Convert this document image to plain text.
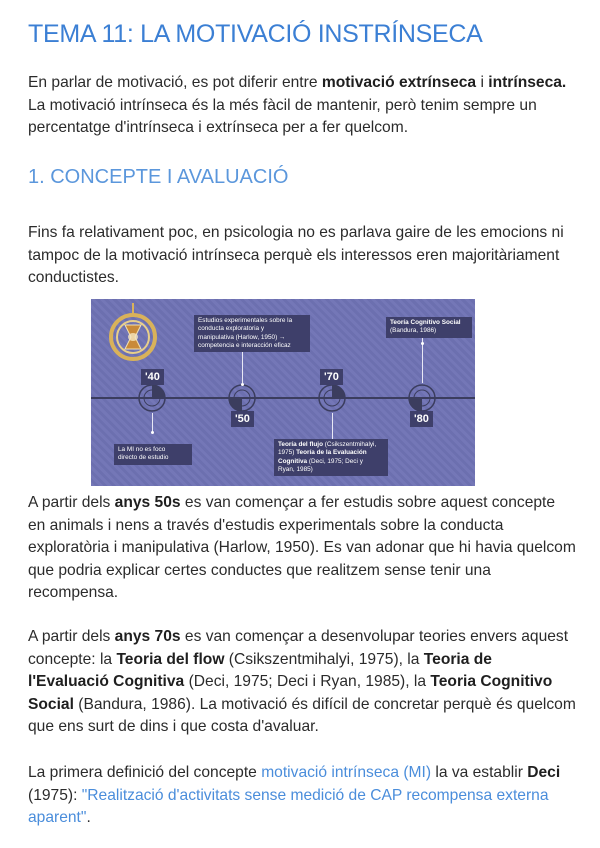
TEMA 11: LA MOTIVACIÓ INSTRÍNSECA

En parlar de motivació, es pot diferir entre motivació extrínseca i intrínseca. La motivació intrínseca és la més fàcil de mantenir, però tenim sempre un percentatge d'intrínseca i extrínseca per a fer quelcom.

1. CONCEPTE I AVALUACIÓ

Fins fa relativament poc, en psicologia no es parlava gaire de les emocions ni tampoc de la motivació intrínseca perquè els interessos eren majoritàriament conductistes.

'40
'50
'70
'80
Estudios experimentales sobre la
conducta exploratoria y
manipulativa (Harlow, 1950) →
competencia e interacción eficaz
Teoría Cognitivo Social
(Bandura, 1986)
La MI no es foco
directo de estudio
Teoría del flujo (Csikszentmihalyi,
1975) Teoría de la Evaluación
Cognitiva (Deci, 1975; Deci y
Ryan, 1985)

A partir dels anys 50s es van començar a fer estudis sobre aquest concepte en animals i nens a través d'estudis experimentals sobre la conducta exploratòria i manipulativa (Harlow, 1950). Es van adonar que hi havia quelcom que podria explicar certes conductes que realitzem sense tenir una recompensa.

A partir dels anys 70s es van començar a desenvolupar teories envers aquest concepte: la Teoria del flow (Csikszentmihalyi, 1975), la Teoria de l'Evaluació Cognitiva (Deci, 1975; Deci i Ryan, 1985), la Teoria Cognitivo Social (Bandura, 1986). La motivació és difícil de concretar perquè és quelcom que ens surt de dins i que costa d'avaluar.

La primera definició del concepte motivació intrínseca (MI) la va establir Deci (1975): "Realització d'activitats sense medició de CAP recompensa externa aparent".
